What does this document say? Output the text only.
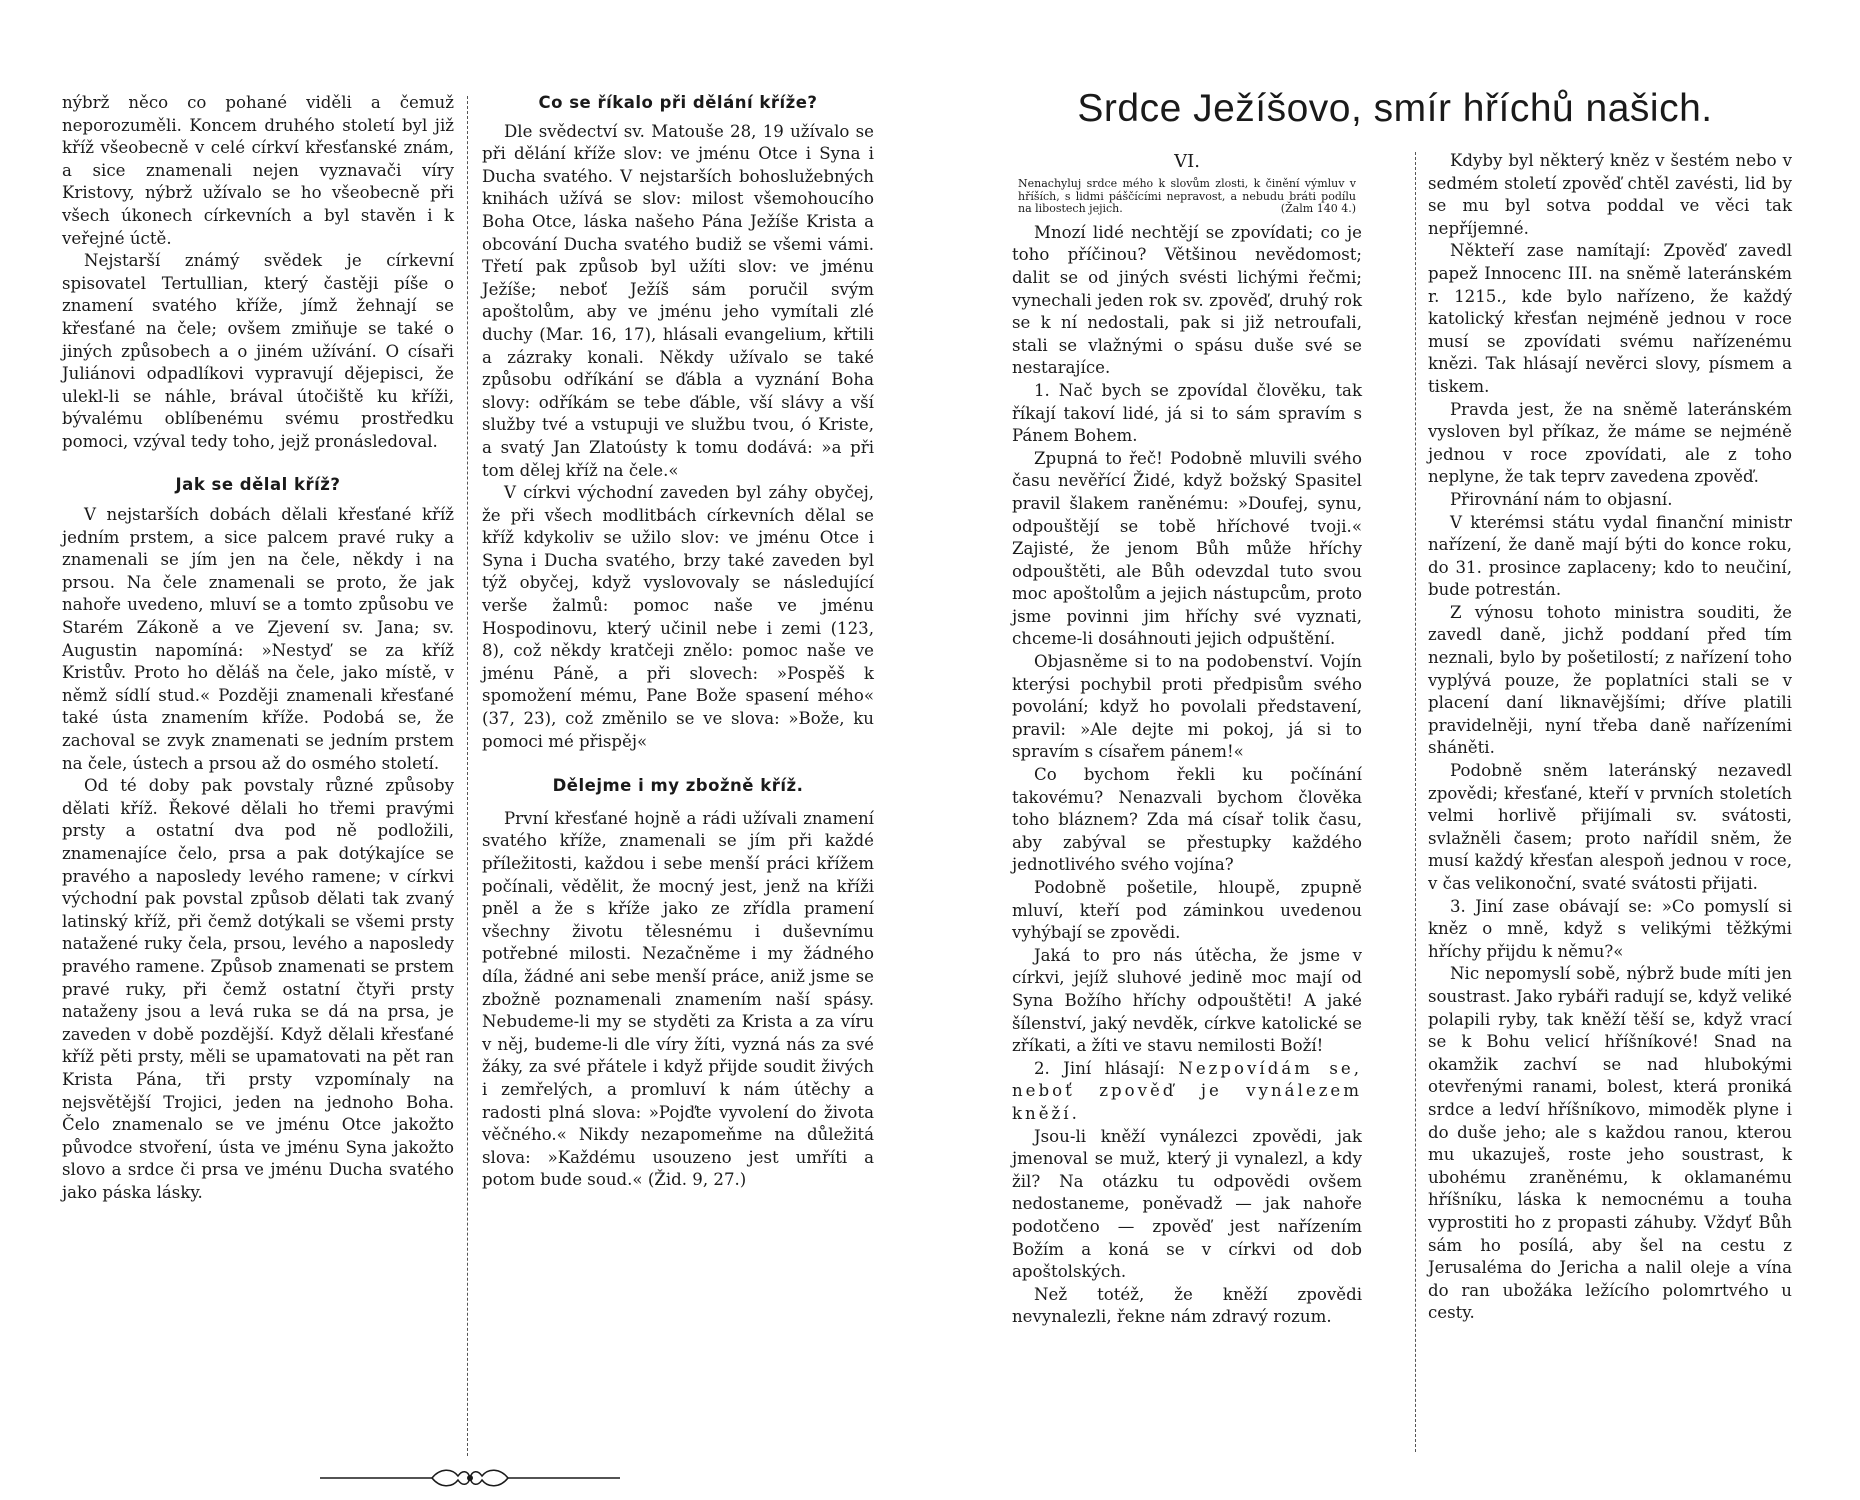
nýbrž něco co pohané viděli a čemuž neporozuměli. Koncem druhého století byl již kříž všeobecně v celé církví křesťanské znám, a sice znamenali nejen vyznavači víry Kristovy, nýbrž užívalo se ho všeobecně při všech úkonech církevních a byl stavěn i k veřejné úctě.

Nejstarší známý svědek je církevní spisovatel Tertullian, který častěji píše o znamení svatého kříže, jímž žehnají se křesťané na čele; ovšem zmiňuje se také o jiných způsobech a o jiném užívání. O císaři Juliánovi odpadlíkovi vypravují dějepisci, že ulekl-li se náhle, brával útočiště ku kříži, bývalému oblíbenému svému prostředku pomoci, vzýval tedy toho, jejž pronásledoval.

Jak se dělal kříž?

V nejstarších dobách dělali křesťané kříž jedním prstem, a sice palcem pravé ruky a znamenali se jím jen na čele, někdy i na prsou. Na čele znamenali se proto, že jak nahoře uvedeno, mluví se a tomto způsobu ve Starém Zákoně a ve Zjevení sv. Jana; sv. Augustin napomíná: »Nestyď se za kříž Kristův. Proto ho děláš na čele, jako místě, v němž sídlí stud.« Později znamenali křesťané také ústa znamením kříže. Podobá se, že zachoval se zvyk znamenati se jedním prstem na čele, ústech a prsou až do osmého století.

Od té doby pak povstaly různé způsoby dělati kříž. Řekové dělali ho třemi pravými prsty a ostatní dva pod ně podložili, znamenajíce čelo, prsa a pak dotýkajíce se pravého a naposledy levého ramene; v církvi východní pak povstal způsob dělati tak zvaný latinský kříž, při čemž dotýkali se všemi prsty natažené ruky čela, prsou, levého a naposledy pravého ramene. Způsob znamenati se prstem pravé ruky, při čemž ostatní čtyři prsty nataženy jsou a levá ruka se dá na prsa, je zaveden v době pozdější. Když dělali křesťané kříž pěti prsty, měli se upamatovati na pět ran Krista Pána, tři prsty vzpomínaly na nejsvětější Trojici, jeden na jednoho Boha. Čelo znamenalo se ve jménu Otce jakožto původce stvoření, ústa ve jménu Syna jakožto slovo a srdce či prsa ve jménu Ducha svatého jako páska lásky.

Co se říkalo při dělání kříže?

Dle svědectví sv. Matouše 28, 19 užívalo se při dělání kříže slov: ve jménu Otce i Syna i Ducha svatého. V nejstarších bohoslužebných knihách užívá se slov: milost všemohoucího Boha Otce, láska našeho Pána Ježíše Krista a obcování Ducha svatého budiž se všemi vámi. Třetí pak způsob byl užíti slov: ve jménu Ježíše; neboť Ježíš sám poručil svým apoštolům, aby ve jménu jeho vymítali zlé duchy (Mar. 16, 17), hlásali evangelium, křtili a zázraky konali. Někdy užívalo se také způsobu odříkání se ďábla a vyznání Boha slovy: odříkám se tebe ďáble, vší slávy a vší služby tvé a vstupuji ve službu tvou, ó Kriste, a svatý Jan Zlatoústy k tomu dodává: »a při tom dělej kříž na čele.«

V církvi východní zaveden byl záhy obyčej, že při všech modlitbách církevních dělal se kříž kdykoliv se užilo slov: ve jménu Otce i Syna i Ducha svatého, brzy také zaveden byl týž obyčej, když vyslovovaly se následující verše žalmů: pomoc naše ve jménu Hospodinovu, který učinil nebe i zemi (123, 8), což někdy kratčeji znělo: pomoc naše ve jménu Páně, a při slovech: »Pospěš k spomožení mému, Pane Bože spasení mého« (37, 23), což změnilo se ve slova: »Bože, ku pomoci mé přispěj«

Dělejme i my zbožně kříž.

První křesťané hojně a rádi užívali znamení svatého kříže, znamenali se jím při každé příležitosti, každou i sebe menší práci křížem počínali, vědělit, že mocný jest, jenž na kříži pněl a že s kříže jako ze zřídla pramení všechny životu tělesnému i duševnímu potřebné milosti. Nezačněme i my žádného díla, žádné ani sebe menší práce, aniž jsme se zbožně poznamenali znamením naší spásy. Nebudeme-li my se styděti za Krista a za víru v něj, budeme-li dle víry žíti, vyzná nás za své žáky, za své přátele i když přijde soudit živých i zemřelých, a promluví k nám útěchy a radosti plná slova: »Pojďte vyvolení do života věčného.« Nikdy nezapomeňme na důležitá slova: »Každému usouzeno jest umříti a potom bude soud.« (Žid. 9, 27.)

Srdce Ježíšovo, smír hříchů našich.
VI.
Nenachyluj srdce mého k slovům zlosti, k činění výmluv v hříších, s lidmi páščícími nepravost, a nebudu bráti podílu na libostech jejich.	(Žalm 140 4.)

Mnozí lidé nechtějí se zpovídati; co je toho příčinou? Většinou nevědomost; dalit se od jiných svésti lichými řečmi; vynechali jeden rok sv. zpověď, druhý rok se k ní nedostali, pak si již netroufali, stali se vlažnými o spásu duše své se nestarajíce.

1. Nač bych se zpovídal člověku, tak říkají takoví lidé, já si to sám spravím s Pánem Bohem.

Zpupná to řeč! Podobně mluvili svého času nevěřící Židé, když božský Spasitel pravil šlakem raněnému: »Doufej, synu, odpouštějí se tobě hříchové tvoji.« Zajisté, že jenom Bůh může hříchy odpouštěti, ale Bůh odevzdal tuto svou moc apoštolům a jejich nástupcům, proto jsme povinni jim hříchy své vyznati, chceme-li dosáhnouti jejich odpuštění.

Objasněme si to na podobenství. Vojín kterýsi pochybil proti předpisům svého povolání; když ho povolali představení, pravil: »Ale dejte mi pokoj, já si to spravím s císařem pánem!«

Co bychom řekli ku počínání takovému? Nenazvali bychom člověka toho bláznem? Zda má císař tolik času, aby zabýval se přestupky každého jednotlivého svého vojína?

Podobně pošetile, hloupě, zpupně mluví, kteří pod záminkou uvedenou vyhýbají se zpovědi.

Jaká to pro nás útěcha, že jsme v církvi, jejíž sluhové jedině moc mají od Syna Božího hříchy odpouštěti! A jaké šílenství, jaký nevděk, církve katolické se zříkati, a žíti ve stavu nemilosti Boží!

2. Jiní hlásají: Nezpovídám se, neboť zpověď je vynálezem kněží.

Jsou-li kněží vynálezci zpovědi, jak jmenoval se muž, který ji vynalezl, a kdy žil? Na otázku tu odpovědi ovšem nedostaneme, poněvadž — jak nahoře podotčeno — zpověď jest nařízením Božím a koná se v církvi od dob apoštolských.

Než totéž, že kněží zpovědi nevynalezli, řekne nám zdravý rozum.

Kdyby byl některý kněz v šestém nebo v sedmém století zpověď chtěl zavésti, lid by se mu byl sotva poddal ve věci tak nepříjemné.

Někteří zase namítají: Zpověď zavedl papež Innocenc III. na sněmě lateránském r. 1215., kde bylo nařízeno, že každý katolický křesťan nejméně jednou v roce musí se zpovídati svému nařízenému knězi. Tak hlásají nevěrci slovy, písmem a tiskem.

Pravda jest, že na sněmě lateránském vysloven byl příkaz, že máme se nejméně jednou v roce zpovídati, ale z toho neplyne, že tak teprv zavedena zpověď.

Přirovnání nám to objasní.

V kterémsi státu vydal finanční ministr nařízení, že daně mají býti do konce roku, do 31. prosince zaplaceny; kdo to neučiní, bude potrestán.

Z výnosu tohoto ministra souditi, že zavedl daně, jichž poddaní před tím neznali, bylo by pošetilostí; z nařízení toho vyplývá pouze, že poplatníci stali se v placení daní liknavějšími; dříve platili pravidelněji, nyní třeba daně nařízeními sháněti.

Podobně sněm lateránský nezavedl zpovědi; křesťané, kteří v prvních stoletích velmi horlivě přijímali sv. svátosti, svlažněli časem; proto nařídil sněm, že musí každý křesťan alespoň jednou v roce, v čas velikonoční, svaté svátosti přijati.

3. Jiní zase obávají se: »Co pomyslí si kněz o mně, když s velikými těžkými hříchy přijdu k němu?«

Nic nepomyslí sobě, nýbrž bude míti jen soustrast. Jako rybáři radují se, když veliké polapili ryby, tak kněží těší se, když vrací se k Bohu velicí hříšníkové! Snad na okamžik zachví se nad hlubokými otevřenými ranami, bolest, která proniká srdce a ledví hříšníkovo, mimoděk plyne i do duše jeho; ale s každou ranou, kterou mu ukazuješ, roste jeho soustrast, k ubohému zraněnému, k oklamanému hříšníku, láska k nemocnému a touha vyprostiti ho z propasti záhuby. Vždyť Bůh sám ho posílá, aby šel na cestu z Jerusaléma do Jericha a nalil oleje a vína do ran ubožáka ležícího polomrtvého u cesty.
